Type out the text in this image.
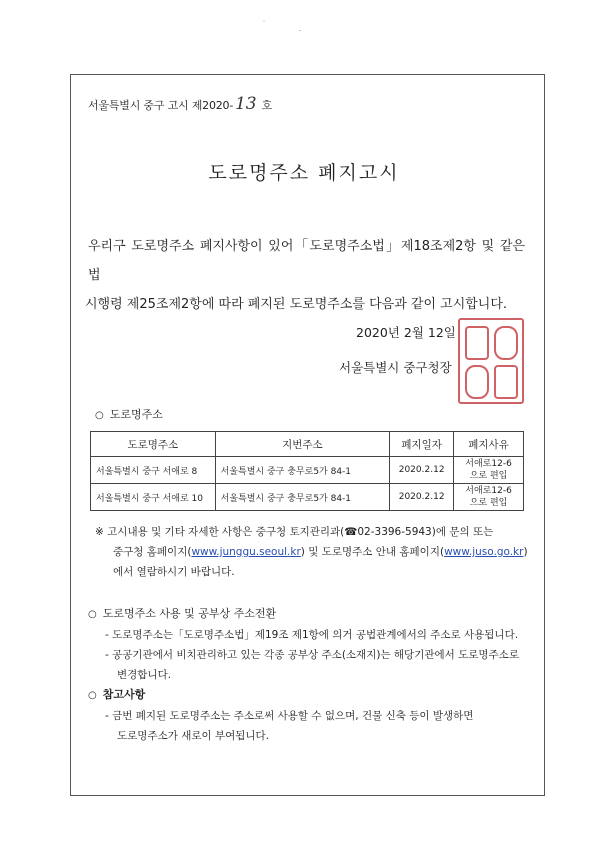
˙
⸳
서울특별시 중구 고시 제2020- 13 호
도로명주소 폐지고시
우리구 도로명주소 폐지사항이 있어「도로명주소법」제18조제2항 및 같은 법
시행령 제25조제2항에 따라 폐지된 도로명주소를 다음과 같이 고시합니다.
2020년 2월 12일
서울특별시 중구청장
○ 도로명주소
도로명주소	지번주소	폐지일자	폐지사유
서울특별시 중구 서애로 8	서울특별시 중구 충무로5가 84-1	2020.2.12	서애로12-6
으로 편입

서울특별시 중구 서애로 10	서울특별시 중구 충무로5가 84-1	2020.2.12	서애로12-6
으로 편입
※ 고시내용 및 기타 자세한 사항은 중구청 토지관리과(☎02-3396-5943)에 문의 또는
중구청 홈페이지(www.junggu.seoul.kr) 및 도로명주소 안내 홈페이지(www.juso.go.kr)
에서 열람하시기 바랍니다.
○ 도로명주소 사용 및 공부상 주소전환
- 도로명주소는「도로명주소법」제19조 제1항에 의거 공법관계에서의 주소로 사용됩니다.
- 공공기관에서 비치관리하고 있는 각종 공부상 주소(소재지)는 해당기관에서 도로명주소로
변경합니다.
○ 참고사항
- 금번 폐지된 도로명주소는 주소로써 사용할 수 없으며, 건물 신축 등이 발생하면
도로명주소가 새로이 부여됩니다.
